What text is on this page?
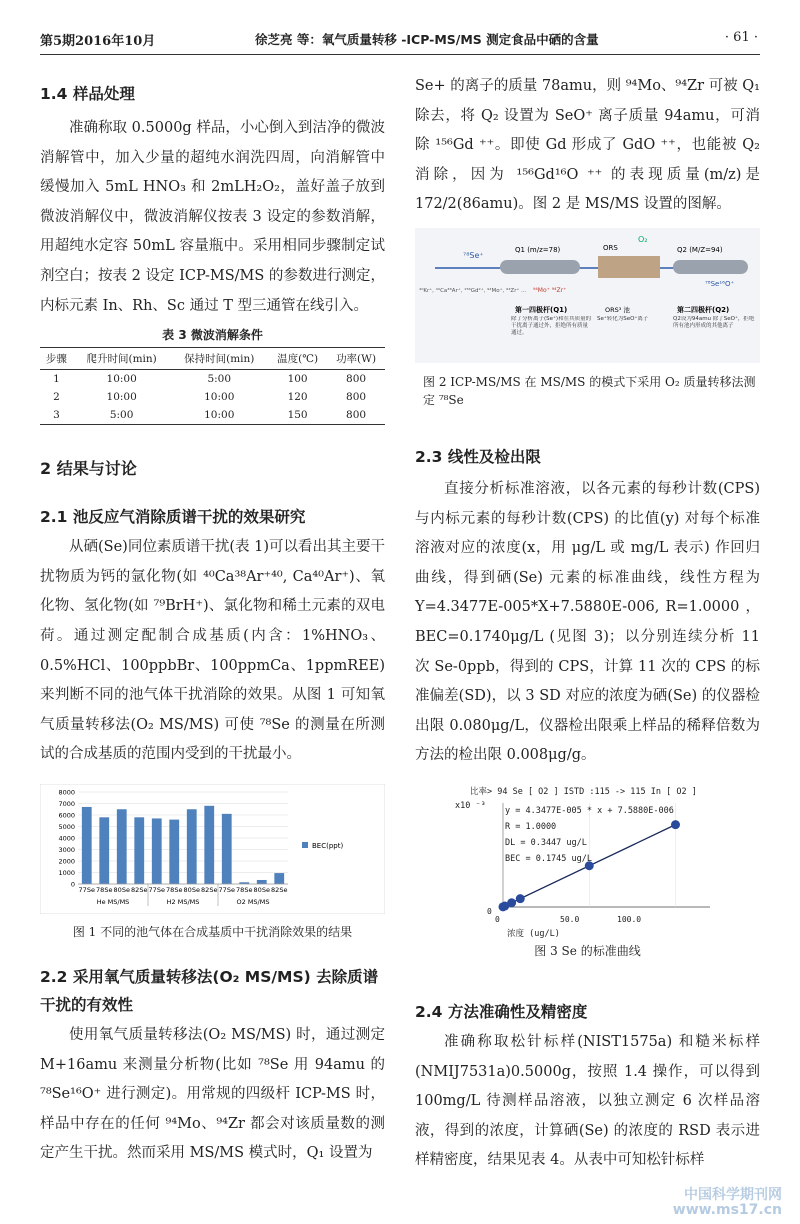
第5期2016年10月	徐芝亮 等：氧气质量转移 -ICP-MS/MS 测定食品中硒的含量	· 61 ·

1.4 样品处理

准确称取 0.5000g 样品，小心倒入到洁净的微波消解管中，加入少量的超纯水润洗四周，向消解管中缓慢加入 5mL HNO₃ 和 2mLH₂O₂，盖好盖子放到微波消解仪中，微波消解仪按表 3 设定的参数消解，用超纯水定容 50mL 容量瓶中。采用相同步骤制定试剂空白；按表 2 设定 ICP-MS/MS 的参数进行测定，内标元素 In、Rh、Sc 通过 T 型三通管在线引入。

表 3 微波消解条件
步骤	爬升时间(min)	保持时间(min)	温度(℃)	功率(W)
1	10:00	5:00	100	800
2	10:00	10:00	120	800
3	5:00	10:00	150	800

2 结果与讨论

2.1 池反应气消除质谱干扰的效果研究

从硒(Se)同位素质谱干扰(表 1)可以看出其主要干扰物质为钙的氩化物(如 ⁴⁰Ca³⁸Ar⁺⁴⁰, Ca⁴⁰Ar⁺)、氧化物、氢化物(如 ⁷⁹BrH⁺)、氯化物和稀土元素的双电荷。通过测定配制合成基质(内含：1%HNO₃、0.5%HCl、100ppbBr、100ppmCa、1ppmREE) 来判断不同的池气体干扰消除的效果。从图 1 可知氧气质量转移法(O₂ MS/MS) 可使 ⁷⁸Se 的测量在所测试的合成基质的范围内受到的干扰最小。

0
1000
2000
3000
4000
5000
6000
7000
8000
77Se 78Se 80Se 82Se 77Se 78Se 80Se 82Se 77Se 78Se 80Se 82Se
He MS/MS	H2 MS/MS	O2 MS/MS
BEC(ppt)
图 1 不同的池气体在合成基质中干扰消除效果的结果

2.2 采用氧气质量转移法(O₂ MS/MS) 去除质谱干扰的有效性

使用氧气质量转移法(O₂ MS/MS) 时，通过测定 M+16amu 来测量分析物(比如 ⁷⁸Se 用 94amu 的 ⁷⁸Se¹⁶O⁺ 进行测定)。用常规的四级杆 ICP-MS 时，样品中存在的任何 ⁹⁴Mo、⁹⁴Zr 都会对该质量数的测定产生干扰。然而采用 MS/MS 模式时，Q₁ 设置为

Se+ 的离子的质量 78amu，则 ⁹⁴Mo、⁹⁴Zr 可被 Q₁ 除去，将 Q₂ 设置为 SeO⁺ 离子质量 94amu，可消除 ¹⁵⁶Gd ⁺⁺。即使 Gd 形成了 GdO ⁺⁺，也能被 Q₂ 消除，因为 ¹⁵⁶Gd¹⁶O ⁺⁺ 的表现质量(m/z)是 172/2(86amu)。图 2 是 MS/MS 设置的图解。

⁷⁸Se⁺
Q1 (m/z=78)	ORS
O₂
Q2 (M/Z=94)
⁷⁸Se¹⁶O⁺
⁴⁰Kr⁺, ⁴⁰Ca³⁸Ar⁺, ¹⁵⁶Gd²⁺, ⁹⁴Mo⁺, ⁹⁴Zr⁺ ... ⁹⁴Mo⁺ ⁹⁴Zr⁺
第一四极杆(Q1)	ORS³ 池	第二四极杆(Q2)
除了分析离子(Se⁺)和在其质量的干扰离子通过外，拒绝所有质量通过。
Se⁺转化为SeO⁺离子	Q2设为94amu 除了SeO⁺，拒绝所有池内形成的其他离子
图 2 ICP-MS/MS 在 MS/MS 的模式下采用 O₂ 质量转移法测定 ⁷⁸Se

2.3 线性及检出限

直接分析标准溶液，以各元素的每秒计数(CPS) 与内标元素的每秒计数(CPS) 的比值(y) 对每个标准溶液对应的浓度(x，用 μg/L 或 mg/L 表示) 作回归曲线，得到硒(Se) 元素的标准曲线，线性方程为 Y=4.3477E-005*X+7.5880E-006, R=1.0000 ，BEC=0.1740μg/L (见图 3)；以分别连续分析 11 次 Se-0ppb，得到的 CPS，计算 11 次的 CPS 的标准偏差(SD)，以 3 SD 对应的浓度为硒(Se) 的仪器检出限 0.080μg/L，仪器检出限乘上样品的稀释倍数为方法的检出限 0.008μg/g。

比率> 94 Se [ O2 ] ISTD :115 -> 115 In [ O2 ]
x10 ⁻³ y = 4.3477E-005 * x + 7.5880E-006
R = 1.0000
DL = 0.3447 ug/L
BEC = 0.1745 ug/L
0
0	50.0	100.0
浓度 (ug/L)
图 3 Se 的标准曲线

2.4 方法准确性及精密度

准确称取松针标样(NIST1575a) 和糙米标样(NMIJ7531a)0.5000g，按照 1.4 操作，可以得到 100mg/L 待测样品溶液，以独立测定 6 次样品溶液，得到的浓度，计算硒(Se) 的浓度的 RSD 表示进样精密度，结果见表 4。从表中可知松针标样

中国科学期刊网
www.ms17.cn
